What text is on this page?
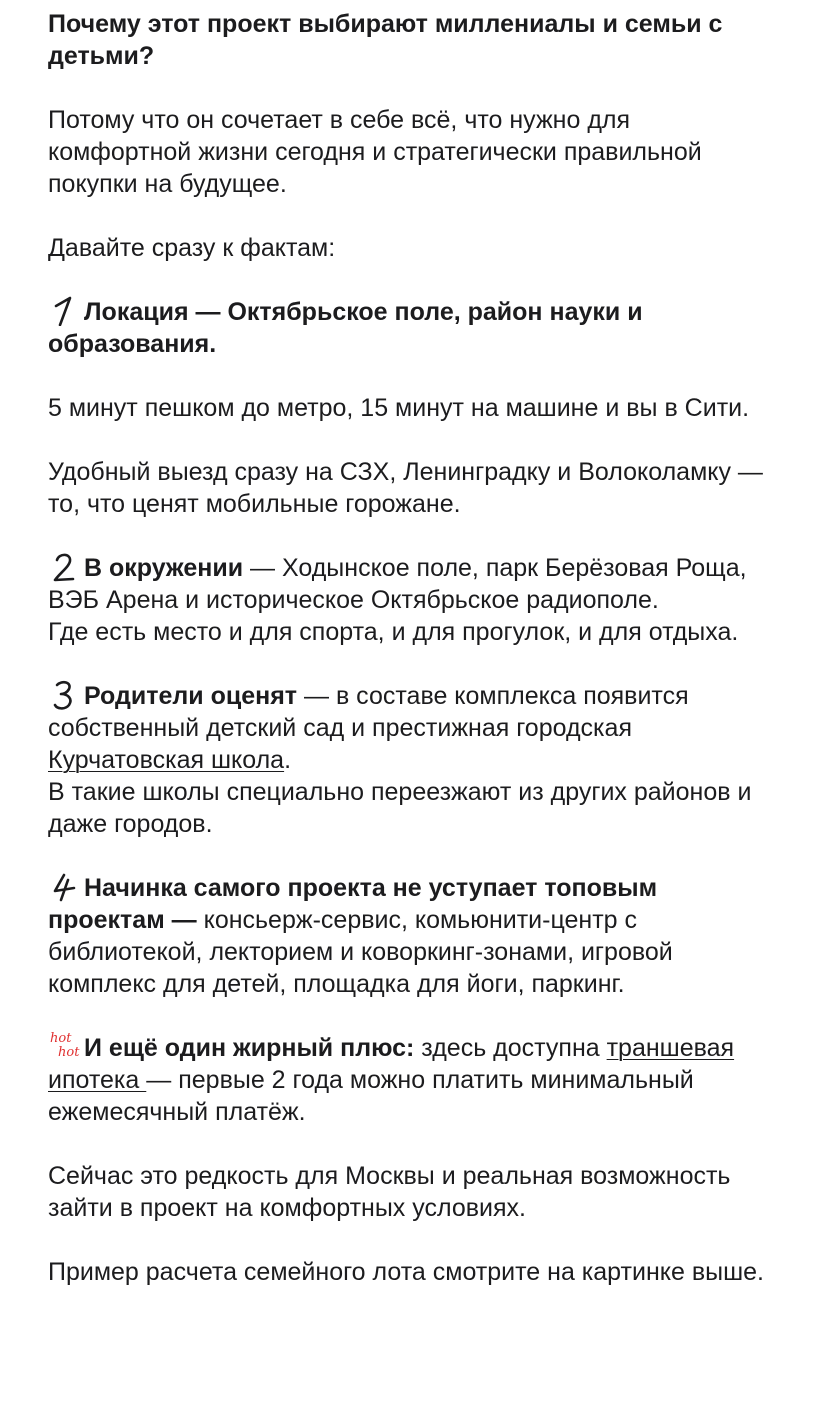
Почему этот проект выбирают миллениалы и семьи с детьми?

Потому что он сочетает в себе всё, что нужно для комфортной жизни сегодня и стратегически правильной покупки на будущее.

Давайте сразу к фактам:

Локация — Октябрьское поле, район науки и образования.

5 минут пешком до метро, 15 минут на машине и вы в Сити.

Удобный выезд сразу на СЗХ, Ленинградку и Волоколамку — то, что ценят мобильные горожане.

В окружении — Ходынское поле, парк Берёзовая Роща, ВЭБ Арена и историческое Октябрьское радиополе.

Где есть место и для спорта, и для прогулок, и для отдыха.

Родители оценят — в составе комплекса появится собственный детский сад и престижная городская Курчатовская школа.

В такие школы специально переезжают из других районов и даже городов.

Начинка самого проекта не уступает топовым проектам — консьерж-сервис, комьюнити-центр с библиотекой, лекторием и коворкинг-зонами, игровой комплекс для детей, площадка для йоги, паркинг.

hot
hot И ещё один жирный плюс: здесь доступна траншевая ипотека — первые 2 года можно платить минимальный ежемесячный платёж.

Сейчас это редкость для Москвы и реальная возможность зайти в проект на комфортных условиях.

Пример расчета семейного лота смотрите на картинке выше.
